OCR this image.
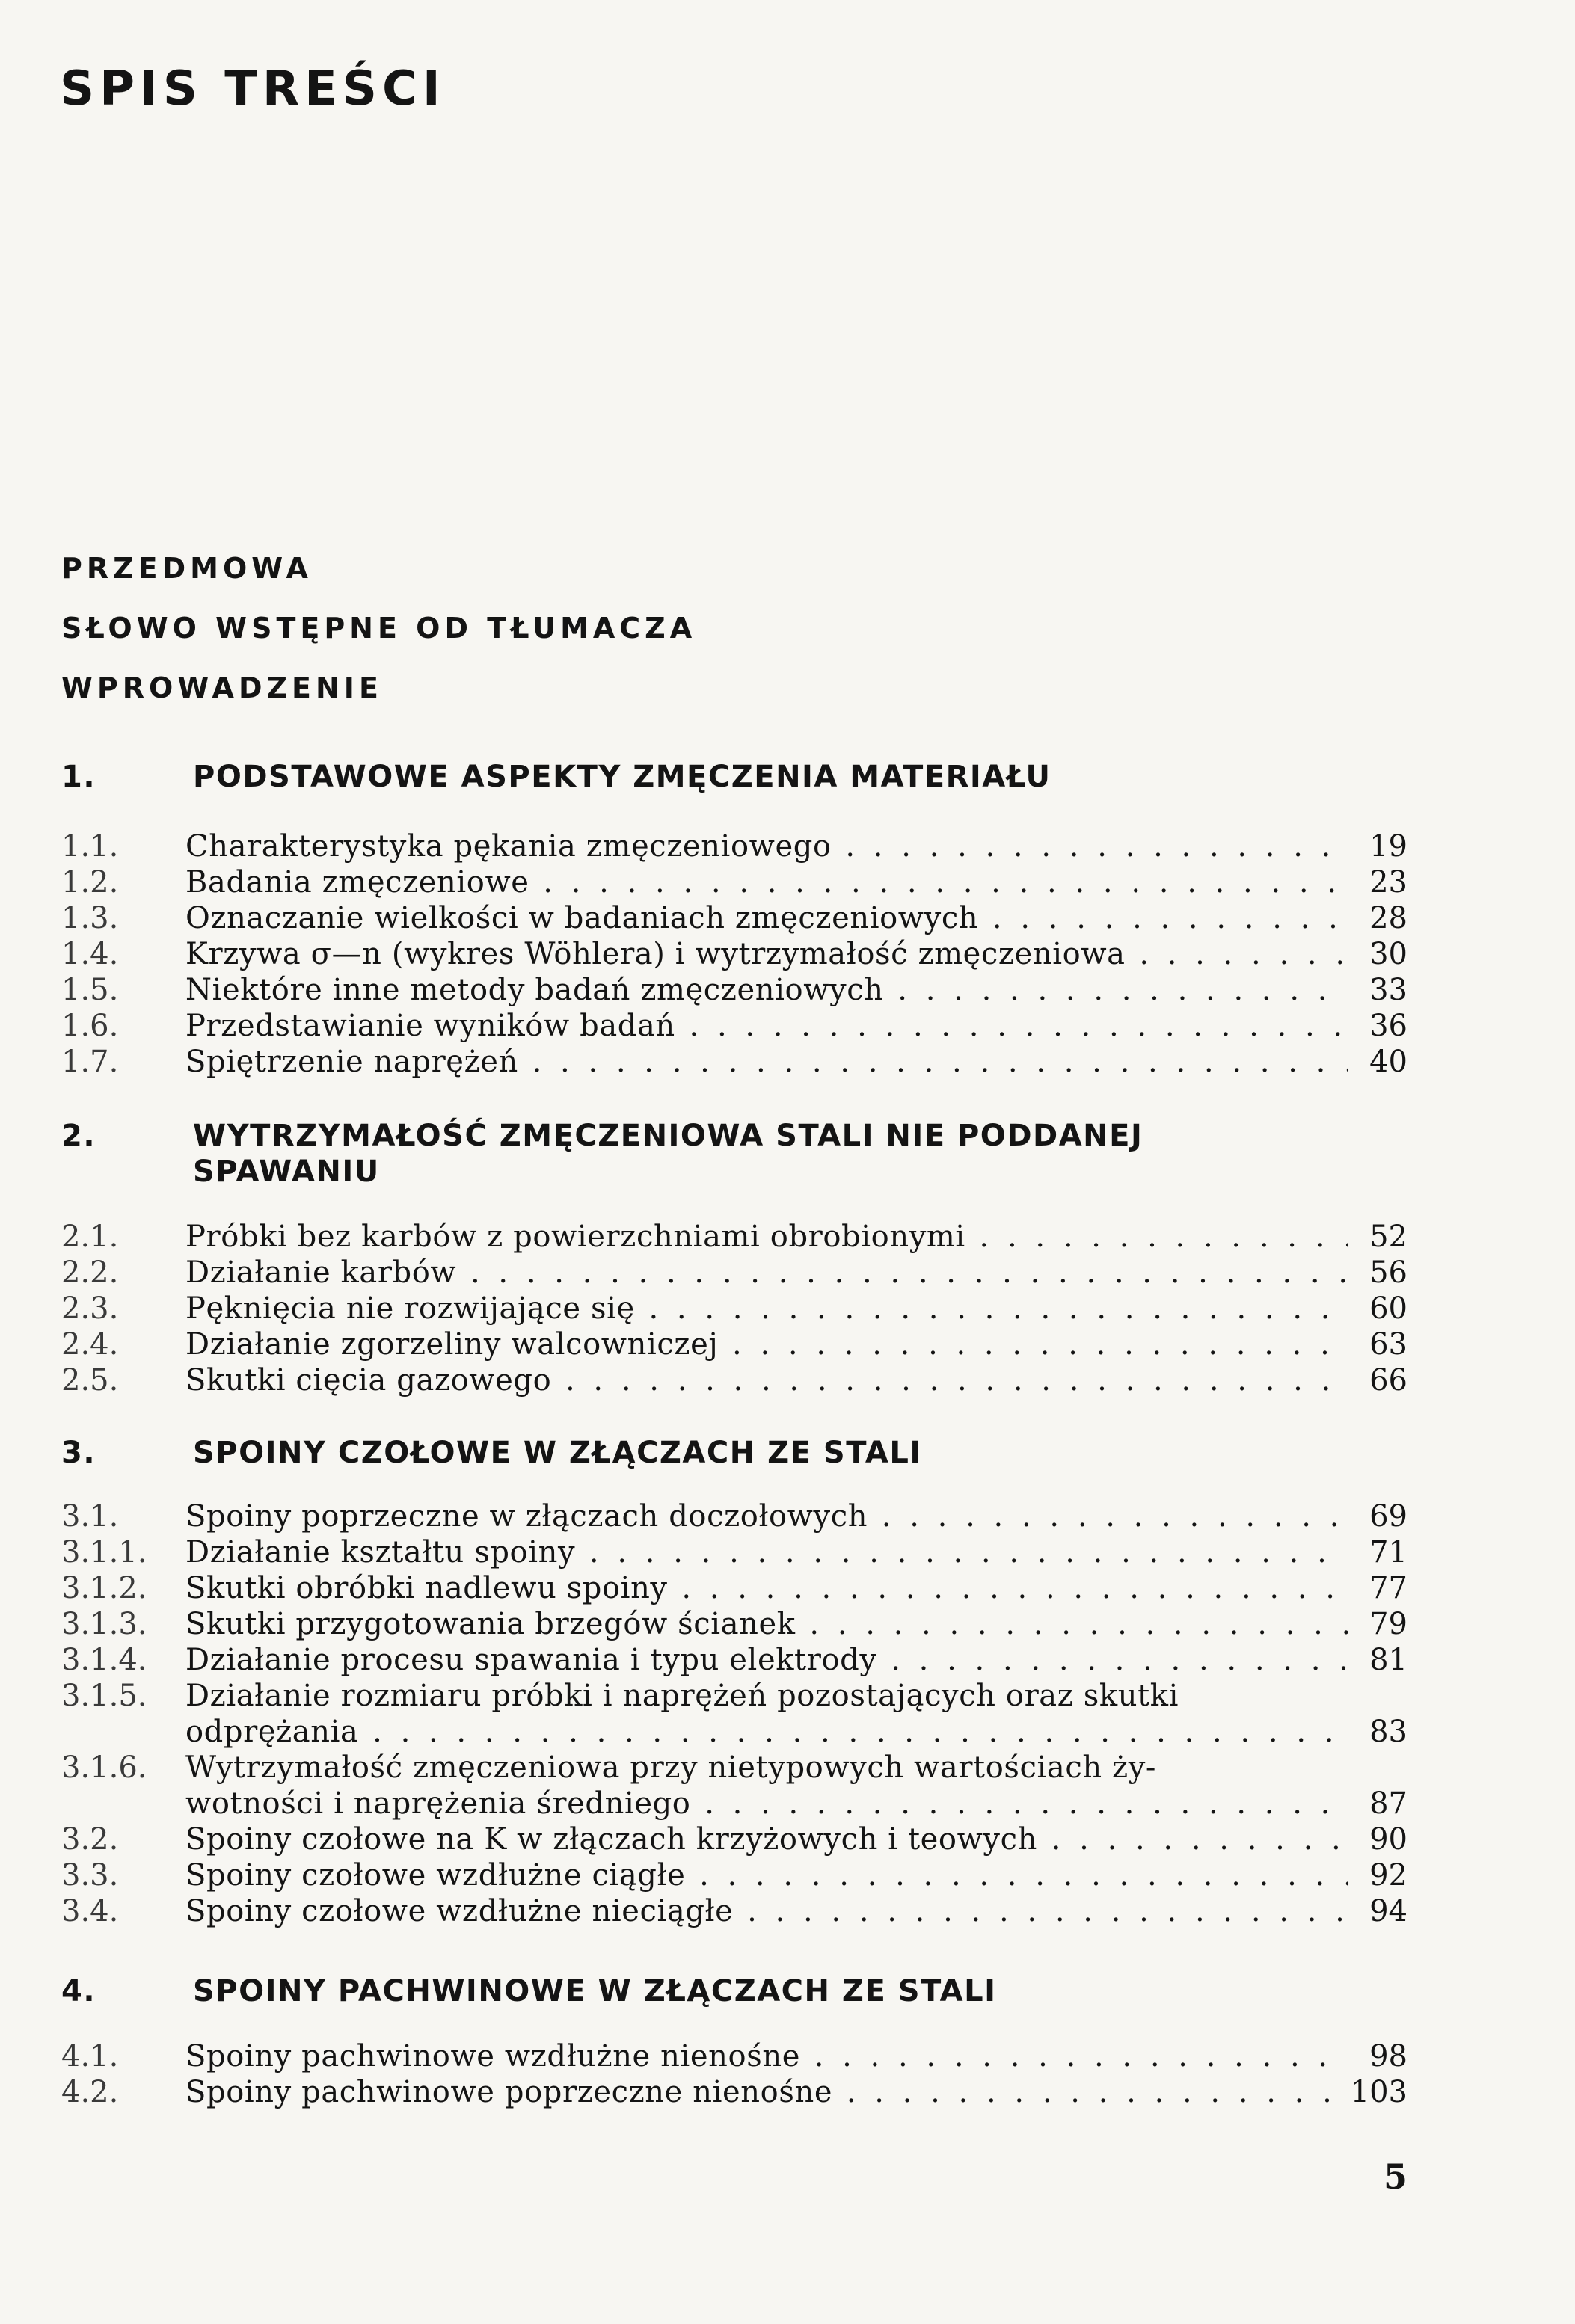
SPIS TREŚCI
PRZEDMOWA
SŁOWO WSTĘPNE OD TŁUMACZA
WPROWADZENIE
1.	PODSTAWOWE ASPEKTY ZMĘCZENIA MATERIAŁU
1.1. Charakterystyka pękania zmęczeniowego . . .	19
1.2. Badania zmęczeniowe . . .	23
1.3. Oznaczanie wielkości w badaniach zmęczeniowych . . .	28
1.4. Krzywa σ—n (wykres Wöhlera) i wytrzymałość zmęczeniowa . . .	30
1.5. Niektóre inne metody badań zmęczeniowych . . .	33
1.6. Przedstawianie wyników badań . . .	36
1.7. Spiętrzenie naprężeń . . .	40
2.	WYTRZYMAŁOŚĆ ZMĘCZENIOWA STALI NIE PODDANEJ
SPAWANIU
2.1. Próbki bez karbów z powierzchniami obrobionymi . . .	52
2.2. Działanie karbów . . .	56
2.3. Pęknięcia nie rozwijające się . . .	60
2.4. Działanie zgorzeliny walcowniczej . . .	63
2.5. Skutki cięcia gazowego . . .	66
3.	SPOINY CZOŁOWE W ZŁĄCZACH ZE STALI
3.1. Spoiny poprzeczne w złączach doczołowych . . .	69
3.1.1. Działanie kształtu spoiny . . .	71
3.1.2. Skutki obróbki nadlewu spoiny . . .	77
3.1.3. Skutki przygotowania brzegów ścianek . . .	79
3.1.4. Działanie procesu spawania i typu elektrody . . .	81
3.1.5. Działanie rozmiaru próbki i naprężeń pozostających oraz skutki
odprężania . . .	83
3.1.6. Wytrzymałość zmęczeniowa przy nietypowych wartościach ży-
wotności i naprężenia średniego . . .	87
3.2. Spoiny czołowe na K w złączach krzyżowych i teowych . . .	90
3.3. Spoiny czołowe wzdłużne ciągłe . . .	92
3.4. Spoiny czołowe wzdłużne nieciągłe . . .	94
4.	SPOINY PACHWINOWE W ZŁĄCZACH ZE STALI
4.1. Spoiny pachwinowe wzdłużne nienośne . . .	98
4.2. Spoiny pachwinowe poprzeczne nienośne . . .	103
5
